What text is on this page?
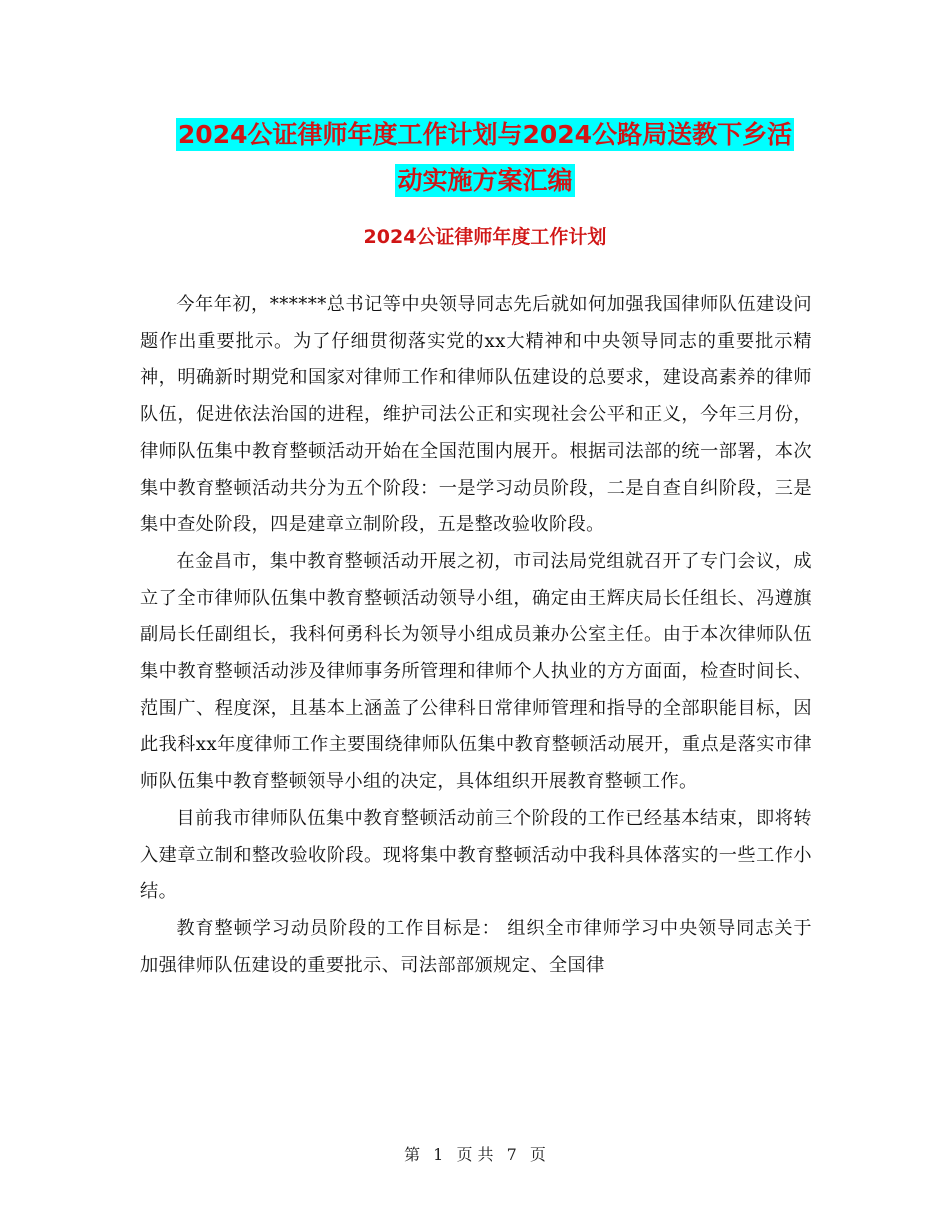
2024公证律师年度工作计划与2024公路局送教下乡活
动实施方案汇编
2024公证律师年度工作计划

今年年初，******总书记等中央领导同志先后就如何加强我国律师队伍建设问题作出重要批示。为了仔细贯彻落实党的xx大精神和中央领导同志的重要批示精神，明确新时期党和国家对律师工作和律师队伍建设的总要求，建设高素养的律师队伍，促进依法治国的进程，维护司法公正和实现社会公平和正义，今年三月份，律师队伍集中教育整顿活动开始在全国范围内展开。根据司法部的统一部署，本次集中教育整顿活动共分为五个阶段：一是学习动员阶段，二是自查自纠阶段，三是集中查处阶段，四是建章立制阶段，五是整改验收阶段。

在金昌市，集中教育整顿活动开展之初，市司法局党组就召开了专门会议，成立了全市律师队伍集中教育整顿活动领导小组，确定由王辉庆局长任组长、冯遵旗副局长任副组长，我科何勇科长为领导小组成员兼办公室主任。由于本次律师队伍集中教育整顿活动涉及律师事务所管理和律师个人执业的方方面面，检查时间长、范围广、程度深，且基本上涵盖了公律科日常律师管理和指导的全部职能目标，因此我科xx年度律师工作主要围绕律师队伍集中教育整顿活动展开，重点是落实市律师队伍集中教育整顿领导小组的决定，具体组织开展教育整顿工作。

目前我市律师队伍集中教育整顿活动前三个阶段的工作已经基本结束，即将转入建章立制和整改验收阶段。现将集中教育整顿活动中我科具体落实的一些工作小结。

教育整顿学习动员阶段的工作目标是： 组织全市律师学习中央领导同志关于加强律师队伍建设的重要批示、司法部部颁规定、全国律

第 1 页 共 7 页
